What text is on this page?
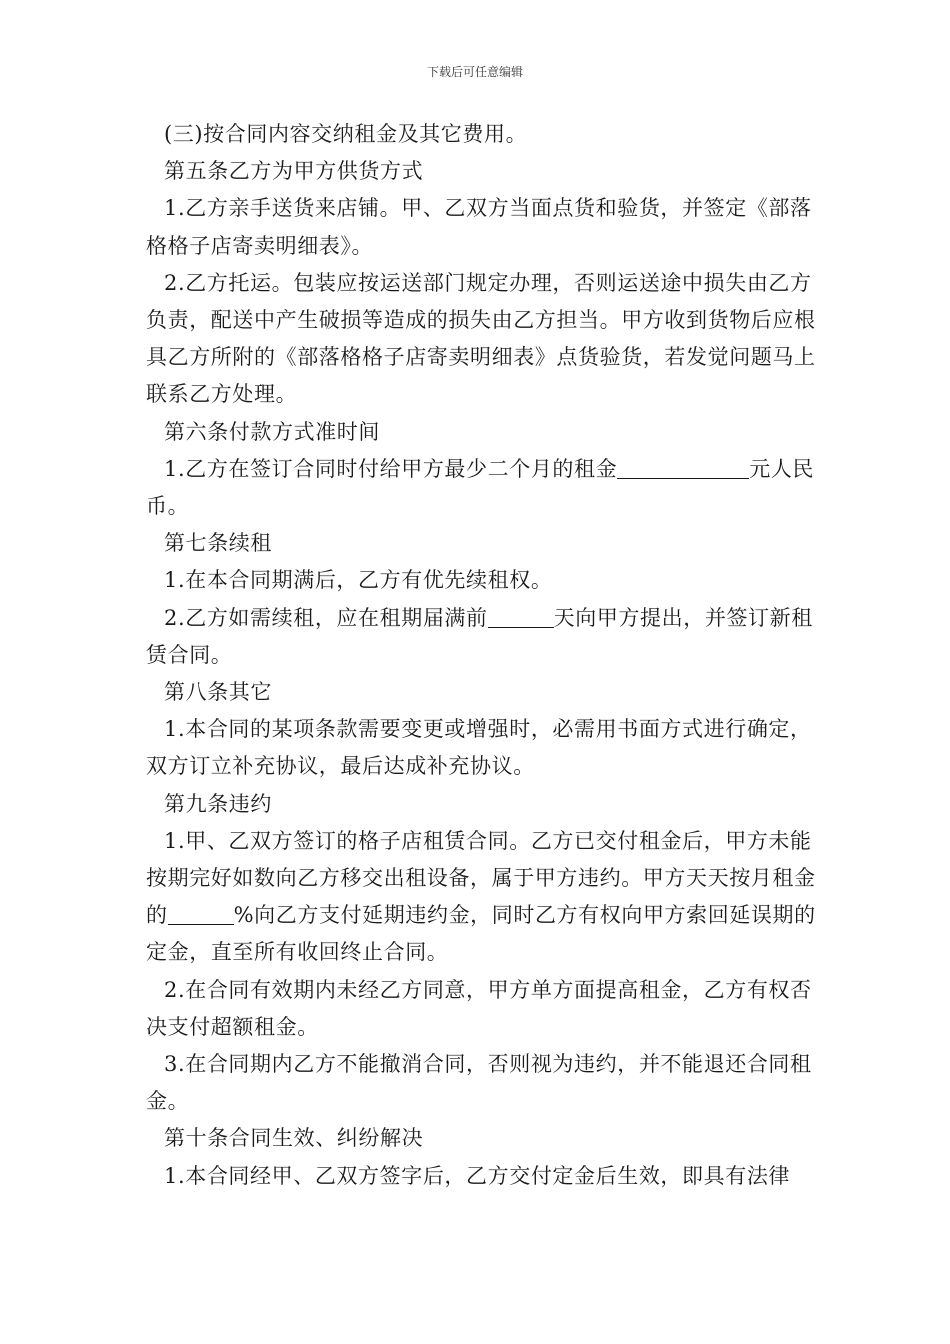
下载后可任意编辑

(三)按合同内容交纳租金及其它费用。

第五条乙方为甲方供货方式

1.乙方亲手送货来店铺。甲、乙双方当面点货和验货，并签定《部落格格子店寄卖明细表》。

2.乙方托运。包装应按运送部门规定办理，否则运送途中损失由乙方负责，配送中产生破损等造成的损失由乙方担当。甲方收到货物后应根具乙方所附的《部落格格子店寄卖明细表》点货验货，若发觉问题马上联系乙方处理。

第六条付款方式准时间

1.乙方在签订合同时付给甲方最少二个月的租金	元人民币。

第七条续租

1.在本合同期满后，乙方有优先续租权。

2.乙方如需续租，应在租期届满前	天向甲方提出，并签订新租赁合同。

第八条其它

1.本合同的某项条款需要变更或增强时，必需用书面方式进行确定，双方订立补充协议，最后达成补充协议。

第九条违约

1.甲、乙双方签订的格子店租赁合同。乙方已交付租金后，甲方未能按期完好如数向乙方移交出租设备，属于甲方违约。甲方天天按月租金的	%向乙方支付延期违约金，同时乙方有权向甲方索回延误期的定金，直至所有收回终止合同。

2.在合同有效期内未经乙方同意，甲方单方面提高租金，乙方有权否决支付超额租金。

3.在合同期内乙方不能撤消合同，否则视为违约，并不能退还合同租金。

第十条合同生效、纠纷解决

1.本合同经甲、乙双方签字后，乙方交付定金后生效，即具有法律
